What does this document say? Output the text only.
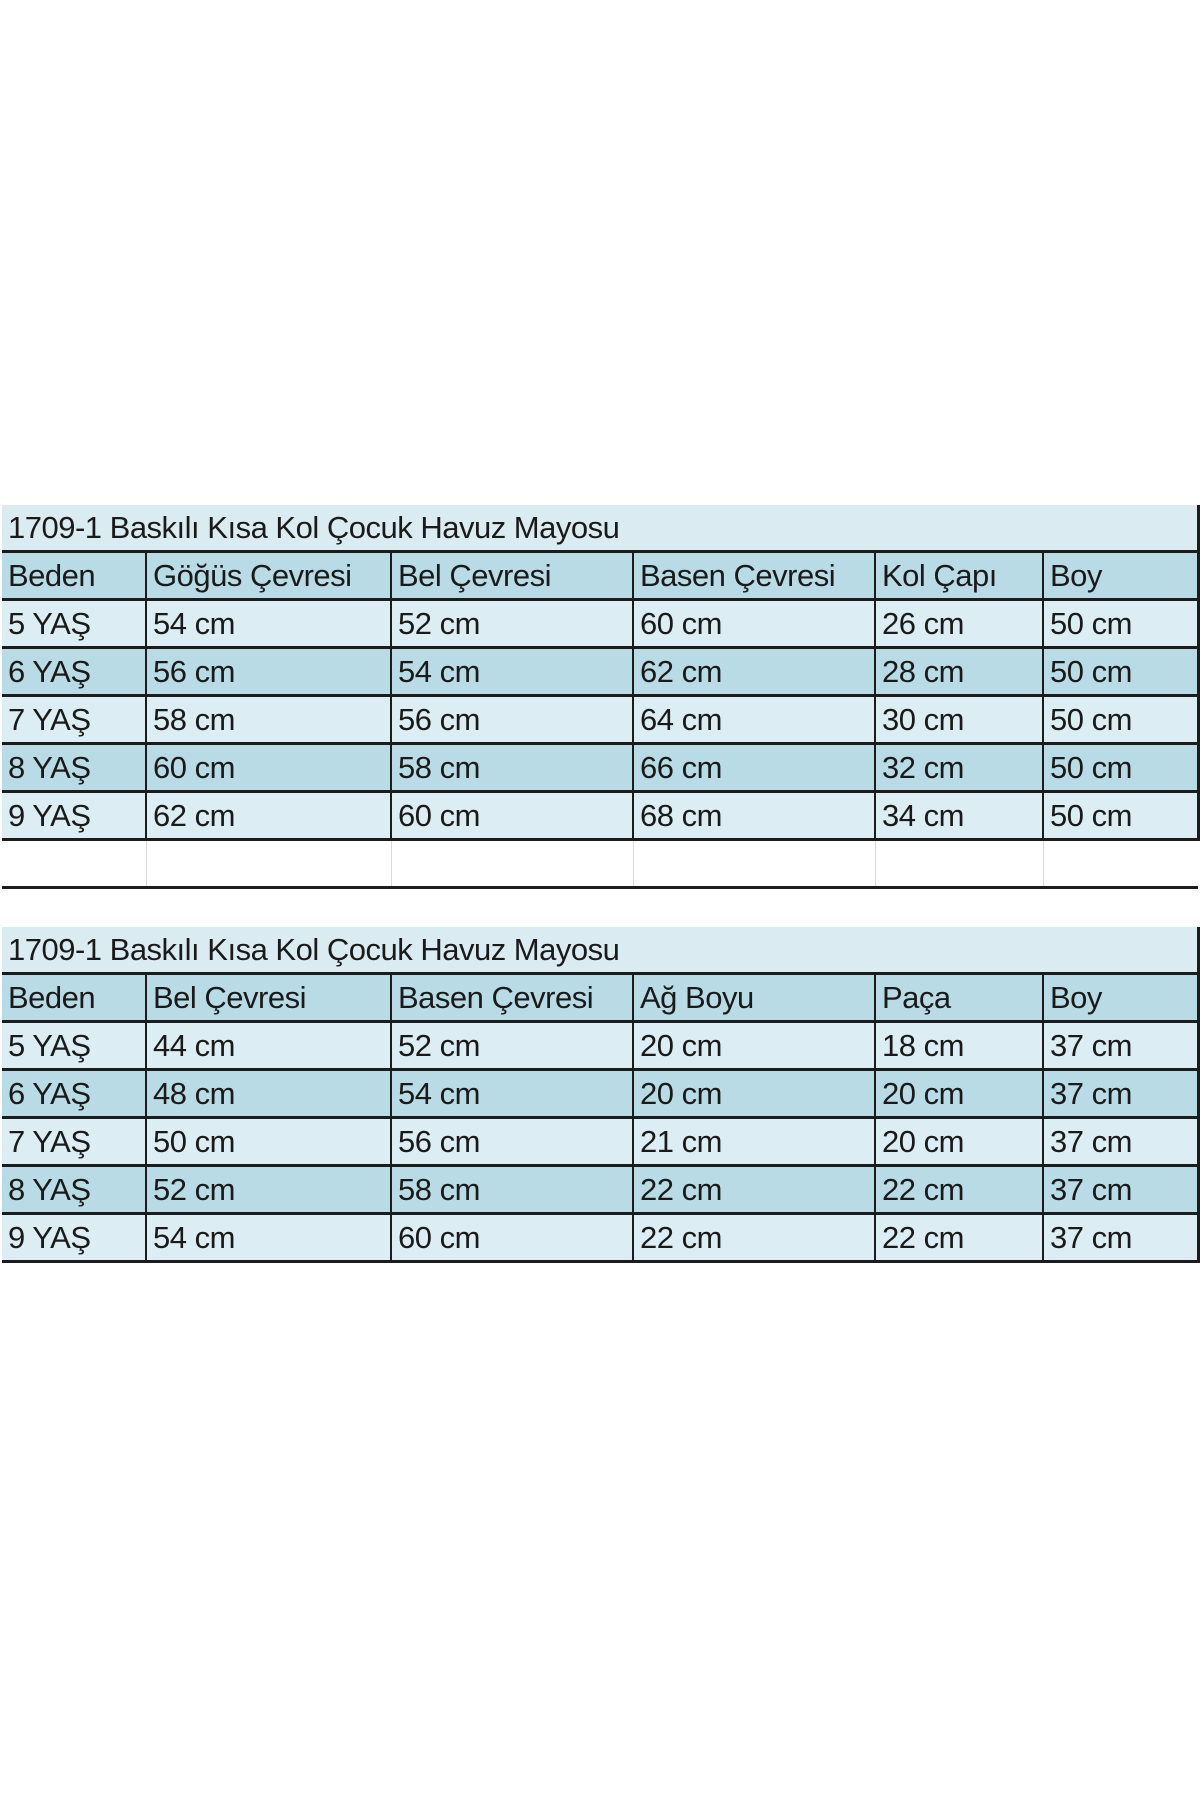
1709-1 Baskılı Kısa Kol Çocuk Havuz Mayosu					
Beden	Göğüs Çevresi	Bel Çevresi	Basen Çevresi	Kol Çapı	Boy
5 YAŞ	54 cm	52 cm	60 cm	26 cm	50 cm
6 YAŞ	56 cm	54 cm	62 cm	28 cm	50 cm
7 YAŞ	58 cm	56 cm	64 cm	30 cm	50 cm
8 YAŞ	60 cm	58 cm	66 cm	32 cm	50 cm
9 YAŞ	62 cm	60 cm	68 cm	34 cm	50 cm

1709-1 Baskılı Kısa Kol Çocuk Havuz Mayosu					
Beden	Bel Çevresi	Basen Çevresi	Ağ Boyu	Paça	Boy
5 YAŞ	44 cm	52 cm	20 cm	18 cm	37 cm
6 YAŞ	48 cm	54 cm	20 cm	20 cm	37 cm
7 YAŞ	50 cm	56 cm	21 cm	20 cm	37 cm
8 YAŞ	52 cm	58 cm	22 cm	22 cm	37 cm
9 YAŞ	54 cm	60 cm	22 cm	22 cm	37 cm
